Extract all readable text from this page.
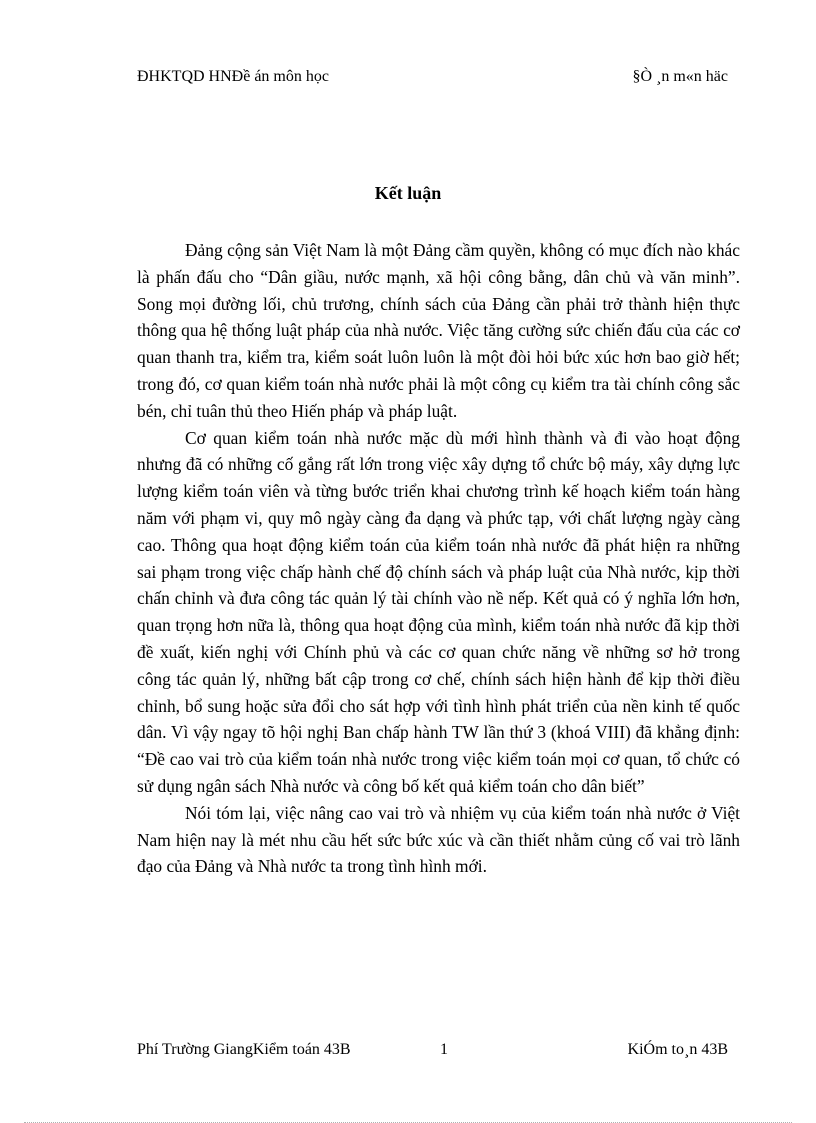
ĐHKTQD HNĐề án môn học	§Ò ¸n m«n häc
Kết luận

Đảng cộng sản Việt Nam là một Đảng cầm quyền, không có mục đích nào khác là phấn đấu cho “Dân giầu, nước mạnh, xã hội công bằng, dân chủ và văn minh”. Song mọi đường lối, chủ trương, chính sách của Đảng cần phải trở thành hiện thực thông qua hệ thống luật pháp của nhà nước. Việc tăng cường sức chiến đấu của các cơ quan thanh tra, kiểm tra, kiểm soát luôn luôn là một đòi hỏi bức xúc hơn bao giờ hết; trong đó, cơ quan kiểm toán nhà nước phải là một công cụ kiểm tra tài chính công sắc bén, chỉ tuân thủ theo Hiến pháp và pháp luật.

Cơ quan kiểm toán nhà nước mặc dù mới hình thành và đi vào hoạt động nhưng đã có những cố gắng rất lớn trong việc xây dựng tổ chức bộ máy, xây dựng lực lượng kiểm toán viên và từng bước triển khai chương trình kế hoạch kiểm toán hàng năm với phạm vi, quy mô ngày càng đa dạng và phức tạp, với chất lượng ngày càng cao. Thông qua hoạt động kiểm toán của kiểm toán nhà nước đã phát hiện ra những sai phạm trong việc chấp hành chế độ chính sách và pháp luật của Nhà nước, kịp thời chấn chỉnh và đưa công tác quản lý tài chính vào nề nếp. Kết quả có ý nghĩa lớn hơn, quan trọng hơn nữa là, thông qua hoạt động của mình, kiểm toán nhà nước đã kịp thời đề xuất, kiến nghị với Chính phủ và các cơ quan chức năng về những sơ hở trong công tác quản lý, những bất cập trong cơ chế, chính sách hiện hành để kịp thời điều chỉnh, bổ sung hoặc sửa đổi cho sát hợp với tình hình phát triển của nền kinh tế quốc dân. Vì vậy ngay tõ hội nghị Ban chấp hành TW lần thứ 3 (khoá VIII) đã khẳng định: “Đề cao vai trò của kiểm toán nhà nước trong việc kiểm toán mọi cơ quan, tổ chức có sử dụng ngân sách Nhà nước và công bố kết quả kiểm toán cho dân biết”

Nói tóm lại, việc nâng cao vai trò và nhiệm vụ của kiểm toán nhà nước ở Việt Nam hiện nay là mét nhu cầu hết sức bức xúc và cần thiết nhằm củng cố vai trò lãnh đạo của Đảng và Nhà nước ta trong tình hình mới.

Phí Trường GiangKiểm toán 43B	1	KiÓm to¸n 43B
